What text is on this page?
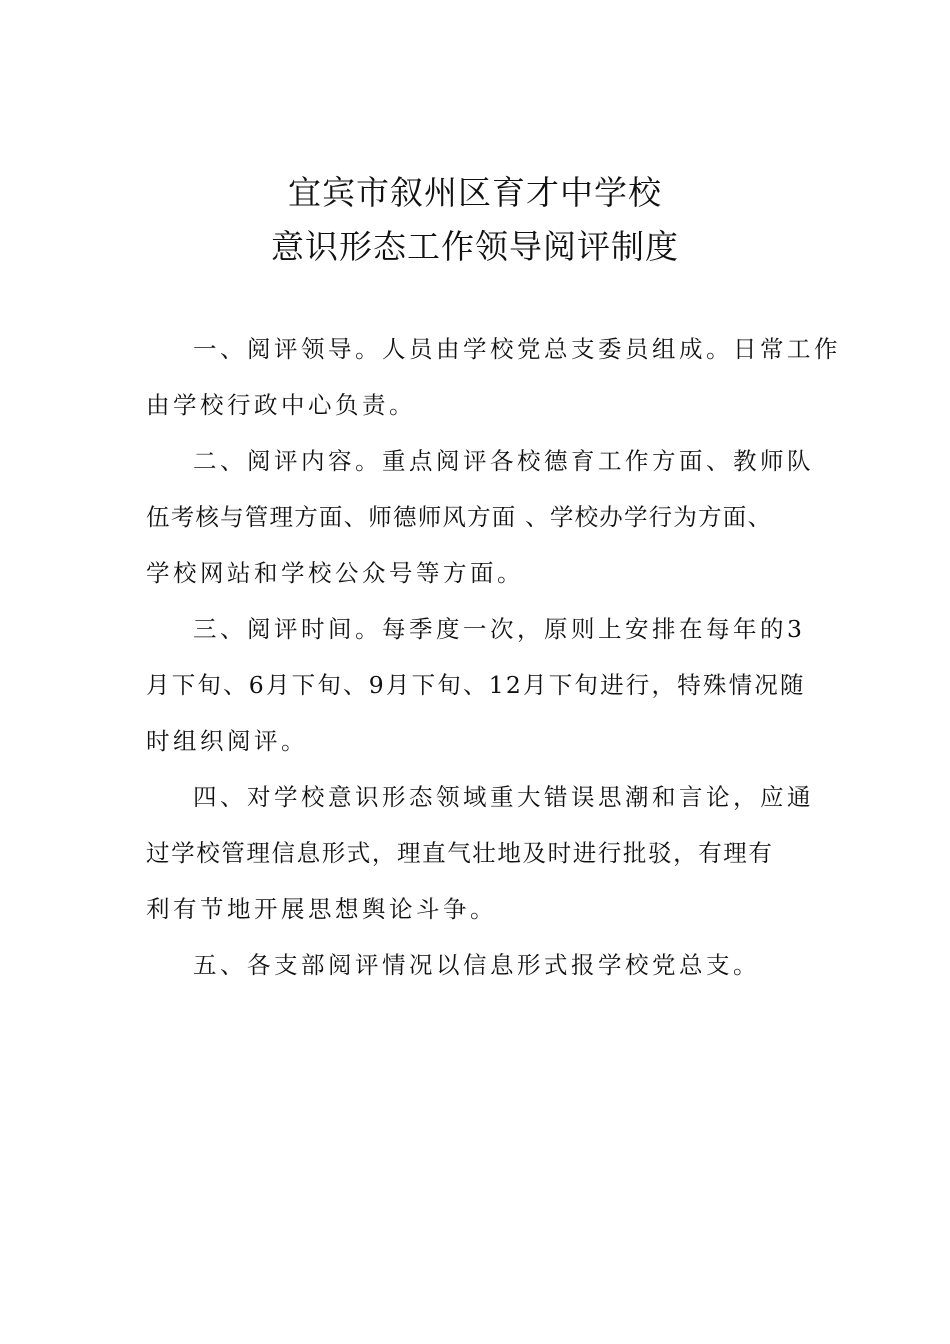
宜宾市叙州区育才中学校
意识形态工作领导阅评制度

一、阅评领导。人员由学校党总支委员组成。日常工作
由学校行政中心负责。

二、阅评内容。重点阅评各校德育工作方面、教师队
伍考核与管理方面、师德师风方面 、学校办学行为方面、
学校网站和学校公众号等方面。

三、阅评时间。每季度一次，原则上安排在每年的3
月下旬、6月下旬、9月下旬、12月下旬进行，特殊情况随
时组织阅评。

四、对学校意识形态领域重大错误思潮和言论，应通
过学校管理信息形式，理直气壮地及时进行批驳，有理有
利有节地开展思想舆论斗争。

五、各支部阅评情况以信息形式报学校党总支。
